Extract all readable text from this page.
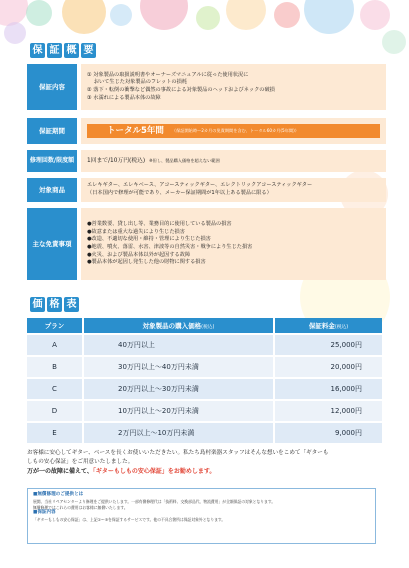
保 証 概 要
保証内容
① 対象製品の取扱説明書やオーナーズマニュアルに従った使用状況に
　 おいて生じた対象製品のフレットの損耗
② 落下・転倒の衝撃など偶然の事故による対象製品のヘッドおよびネックの破損
③ 水濡れによる製品本体の故障
保証期間	トータル5年間 （保証開始時～2カ月の免責期間を含む、トータル60カ月(5年間)）
修理回数/限度額	1回まで/10万円(税込) ※但し、製品購入価格を超えない範囲
対象商品
エレキギター、エレキベース、アコースティックギター、エレクトリックアコースティックギター
（日本国内で修理が可能であり、メーカー保証期間が1年以上ある製品に限る）
主な免責事項
●営業数要、貸し出し等、業務目的に使用している製品の損害
●故意または重大な過失により生じた損害
●改造、不適切な使用・維持・管理により生じた損害
●地震、噴火、落雷、水害、津波等の自然災害・戦争により生じた損害
●火災、および製品本体以外が起因する故障
●製品本体が起因し発生した他の財物に関する損害
価 格 表
プラン	対象製品の購入価格(税込)	保証料金(税込)
A	40万円以上	25,000円
B	30万円以上〜40万円未満	20,000円
C	20万円以上〜30万円未満	16,000円
D	10万円以上〜20万円未満	12,000円
E	2万円以上〜10万円未満	9,000円
お客様に安心してギター、ベースを長くお使いいただきたい。私たち島村楽器スタッフはそんな想いをこめて「ギターも
しもの安心保証」をご用意いたしました。
万が一の故障に備えて、「ギターもしもの安心保証」をお勧めします。
■無償修理のご提供とは
展開、当社リペアセンターより修理をご提供いたします。一部有償修理代は「技術料、交換部品代、物流費用」が全額保証の対象となります。
無償修理ではこれらの費用はお客様に無償いたします。
■保証内容
「ギターもしもの安心保証」は、上記①～③を保証するサービスです。他の不具合箇所は保証対象外となります。
